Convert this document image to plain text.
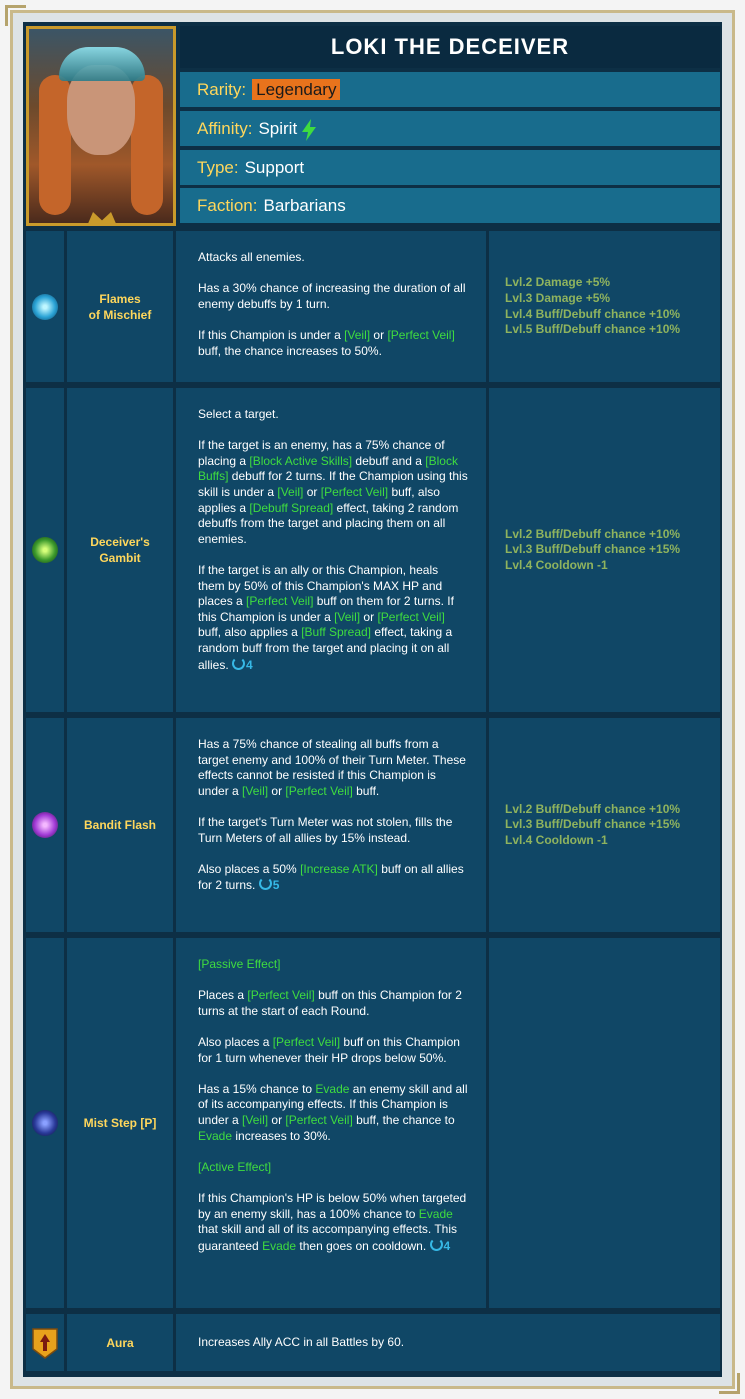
LOKI THE DECEIVER
Rarity: Legendary
Affinity: Spirit
Type: Support
Faction: Barbarians
Flames
of Mischief

Attacks all enemies.

Has a 30% chance of increasing the duration of all enemy debuffs by 1 turn.

If this Champion is under a [Veil] or [Perfect Veil] buff, the chance increases to 50%.

Lvl.2 Damage +5%
Lvl.3 Damage +5%
Lvl.4 Buff/Debuff chance +10%
Lvl.5 Buff/Debuff chance +10%
Deceiver's
Gambit

Select a target.

If the target is an enemy, has a 75% chance of placing a [Block Active Skills] debuff and a [Block Buffs] debuff for 2 turns. If the Champion using this skill is under a [Veil] or [Perfect Veil] buff, also applies a [Debuff Spread] effect, taking 2 random debuffs from the target and placing them on all enemies.

If the target is an ally or this Champion, heals them by 50% of this Champion's MAX HP and places a [Perfect Veil] buff on them for 2 turns. If this Champion is under a [Veil] or [Perfect Veil] buff, also applies a [Buff Spread] effect, taking a random buff from the target and placing it on all allies. 4

Lvl.2 Buff/Debuff chance +10%
Lvl.3 Buff/Debuff chance +15%
Lvl.4 Cooldown -1
Bandit Flash

Has a 75% chance of stealing all buffs from a target enemy and 100% of their Turn Meter. These effects cannot be resisted if this Champion is under a [Veil] or [Perfect Veil] buff.

If the target's Turn Meter was not stolen, fills the Turn Meters of all allies by 15% instead.

Also places a 50% [Increase ATK] buff on all allies for 2 turns. 5

Lvl.2 Buff/Debuff chance +10%
Lvl.3 Buff/Debuff chance +15%
Lvl.4 Cooldown -1
Mist Step [P]

[Passive Effect]

Places a [Perfect Veil] buff on this Champion for 2 turns at the start of each Round.

Also places a [Perfect Veil] buff on this Champion for 1 turn whenever their HP drops below 50%.

Has a 15% chance to Evade an enemy skill and all of its accompanying effects. If this Champion is under a [Veil] or [Perfect Veil] buff, the chance to Evade increases to 30%.

[Active Effect]

If this Champion's HP is below 50% when targeted by an enemy skill, has a 100% chance to Evade that skill and all of its accompanying effects. This guaranteed Evade then goes on cooldown. 4

Aura	Increases Ally ACC in all Battles by 60.
